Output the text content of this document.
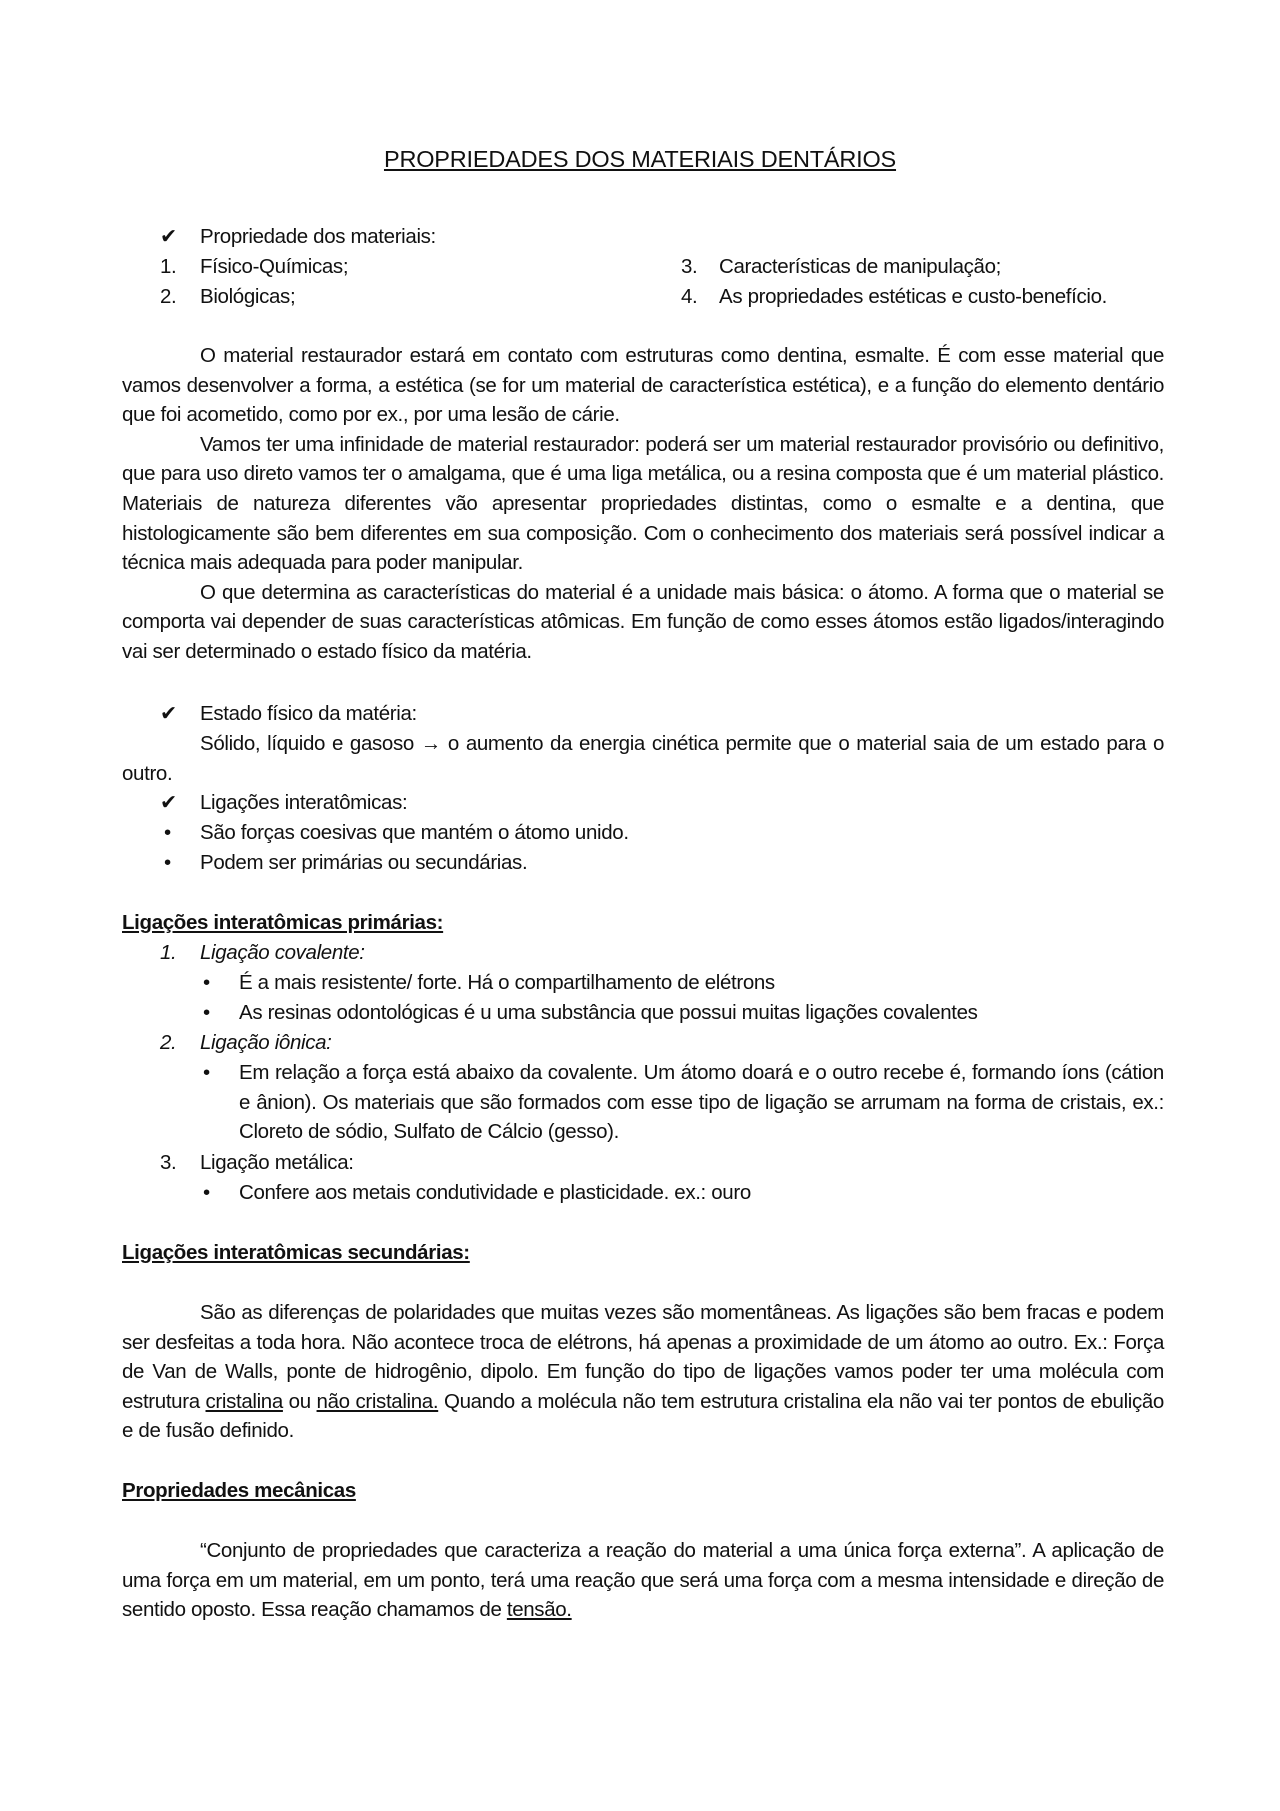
PROPRIEDADES DOS MATERIAIS DENTÁRIOS
✔ Propriedade dos materiais:
1. Físico-Químicas;
2. Biológicas;
3. Características de manipulação;
4. As propriedades estéticas e custo-benefício.
O material restaurador estará em contato com estruturas como dentina, esmalte. É com esse material que vamos desenvolver a forma, a estética (se for um material de característica estética), e a função do elemento dentário que foi acometido, como por ex., por uma lesão de cárie.
Vamos ter uma infinidade de material restaurador: poderá ser um material restaurador provisório ou definitivo, que para uso direto vamos ter o amalgama, que é uma liga metálica, ou a resina composta que é um material plástico. Materiais de natureza diferentes vão apresentar propriedades distintas, como o esmalte e a dentina, que histologicamente são bem diferentes em sua composição. Com o conhecimento dos materiais será possível indicar a técnica mais adequada para poder manipular.
O que determina as características do material é a unidade mais básica: o átomo. A forma que o material se comporta vai depender de suas características atômicas. Em função de como esses átomos estão ligados/interagindo vai ser determinado o estado físico da matéria.
✔ Estado físico da matéria:
Sólido, líquido e gasoso → o aumento da energia cinética permite que o material saia de um estado para o outro.
✔ Ligações interatômicas:
• São forças coesivas que mantém o átomo unido.
• Podem ser primárias ou secundárias.
Ligações interatômicas primárias:
1. Ligação covalente:
• É a mais resistente/ forte. Há o compartilhamento de elétrons
• As resinas odontológicas é u uma substância que possui muitas ligações covalentes
2. Ligação iônica:
• Em relação a força está abaixo da covalente. Um átomo doará e o outro recebe é, formando íons (cátion e ânion). Os materiais que são formados com esse tipo de ligação se arrumam na forma de cristais, ex.: Cloreto de sódio, Sulfato de Cálcio (gesso).
3. Ligação metálica:
• Confere aos metais condutividade e plasticidade. ex.: ouro
Ligações interatômicas secundárias:
São as diferenças de polaridades que muitas vezes são momentâneas. As ligações são bem fracas e podem ser desfeitas a toda hora. Não acontece troca de elétrons, há apenas a proximidade de um átomo ao outro. Ex.: Força de Van de Walls, ponte de hidrogênio, dipolo. Em função do tipo de ligações vamos poder ter uma molécula com estrutura cristalina ou não cristalina. Quando a molécula não tem estrutura cristalina ela não vai ter pontos de ebulição e de fusão definido.
Propriedades mecânicas
“Conjunto de propriedades que caracteriza a reação do material a uma única força externa”. A aplicação de uma força em um material, em um ponto, terá uma reação que será uma força com a mesma intensidade e direção de sentido oposto. Essa reação chamamos de tensão.
